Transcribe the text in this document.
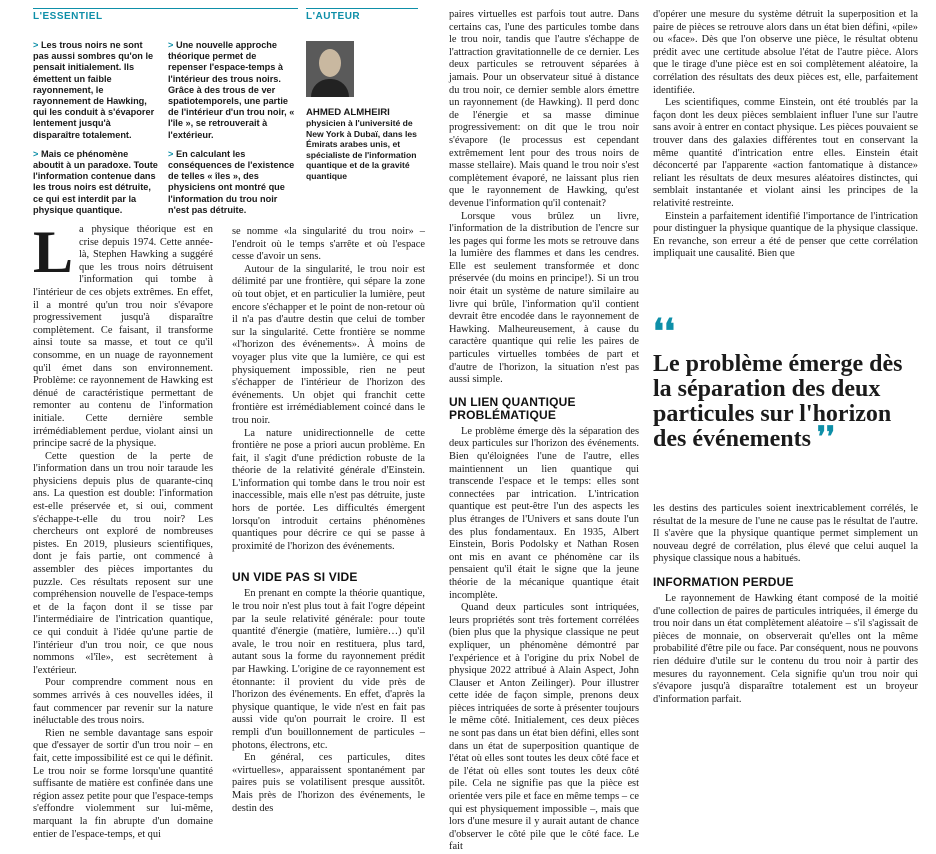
L'ESSENTIEL
> Les trous noirs ne sont pas aussi sombres qu'on le pensait initialement. Ils émettent un faible rayonnement, le rayonnement de Hawking, qui les conduit à s'évaporer lentement jusqu'à disparaître totalement.
> Mais ce phénomène aboutit à un paradoxe. Toute l'information contenue dans les trous noirs est détruite, ce qui est interdit par la physique quantique.
> Une nouvelle approche théorique permet de repenser l'espace-temps à l'intérieur des trous noirs. Grâce à des trous de ver spatiotemporels, une partie de l'intérieur d'un trou noir, « l'île », se retrouverait à l'extérieur.
> En calculant les conséquences de l'existence de telles « îles », des physiciens ont montré que l'information du trou noir n'est pas détruite.
L'AUTEUR
AHMED ALMHEIRI
physicien à l'université de New York à Dubaï, dans les Émirats arabes unis, et spécialiste de l'information quantique et de la gravité quantique

La physique théorique est en crise depuis 1974. Cette année-là, Stephen Hawking a suggéré que les trous noirs détruisent l'information qui tombe à l'intérieur de ces objets extrêmes. En effet, il a montré qu'un trou noir s'évapore progressivement jusqu'à disparaître complètement. Ce faisant, il transforme ainsi toute sa masse, et tout ce qu'il consomme, en un nuage de rayonnement qu'il émet dans son environnement. Problème: ce rayonnement de Hawking est dénué de caractéristique permettant de remonter au contenu de l'information initiale. Cette dernière semble irrémédiablement perdue, violant ainsi un principe sacré de la physique.

Cette question de la perte de l'information dans un trou noir taraude les physiciens depuis plus de quarante-cinq ans. La question est double: l'information est-elle préservée et, si oui, comment s'échappe-t-elle du trou noir? Les chercheurs ont exploré de nombreuses pistes. En 2019, plusieurs scientifiques, dont je fais partie, ont commencé à assembler des pièces importantes du puzzle. Ces résultats reposent sur une compréhension nouvelle de l'espace-temps et de la façon dont il se tisse par l'intermédiaire de l'intrication quantique, ce qui conduit à l'idée qu'une partie de l'intérieur d'un trou noir, ce que nous nommons «l'île», est secrètement à l'extérieur.

Pour comprendre comment nous en sommes arrivés à ces nouvelles idées, il faut commencer par revenir sur la nature inéluctable des trous noirs.

Rien ne semble davantage sans espoir que d'essayer de sortir d'un trou noir – en fait, cette impossibilité est ce qui le définit. Le trou noir se forme lorsqu'une quantité suffisante de matière est confinée dans une région assez petite pour que l'espace-temps s'effondre violemment sur lui-même, marquant la fin abrupte d'un domaine entier de l'espace-temps, et qui

se nomme «la singularité du trou noir» – l'endroit où le temps s'arrête et où l'espace cesse d'avoir un sens.

Autour de la singularité, le trou noir est délimité par une frontière, qui sépare la zone où tout objet, et en particulier la lumière, peut encore s'échapper et le point de non-retour où il n'a pas d'autre destin que celui de tomber sur la singularité. Cette frontière se nomme «l'horizon des événements». À moins de voyager plus vite que la lumière, ce qui est physiquement impossible, rien ne peut s'échapper de l'intérieur de l'horizon des événements. Un objet qui franchit cette frontière est irrémédiablement coincé dans le trou noir.

La nature unidirectionnelle de cette frontière ne pose a priori aucun problème. En fait, il s'agit d'une prédiction robuste de la théorie de la relativité générale d'Einstein. L'information qui tombe dans le trou noir est inaccessible, mais elle n'est pas détruite, juste hors de portée. Les difficultés émergent lorsqu'on introduit certains phénomènes quantiques pour décrire ce qui se passe à proximité de l'horizon des événements.

UN VIDE PAS SI VIDE

En prenant en compte la théorie quantique, le trou noir n'est plus tout à fait l'ogre dépeint par la seule relativité générale: pour toute quantité d'énergie (matière, lumière…) qu'il avale, le trou noir en restituera, plus tard, autant sous la forme du rayonnement prédit par Hawking. L'origine de ce rayonnement est étonnante: il provient du vide près de l'horizon des événements. En effet, d'après la physique quantique, le vide n'est en fait pas aussi vide qu'on pourrait le croire. Il est rempli d'un bouillonnement de particules – photons, électrons, etc.

En général, ces particules, dites «virtuelles», apparaissent spontanément par paires puis se volatilisent presque aussitôt. Mais près de l'horizon des événements, le destin des

paires virtuelles est parfois tout autre. Dans certains cas, l'une des particules tombe dans le trou noir, tandis que l'autre s'échappe de l'attraction gravitationnelle de ce dernier. Les deux particules se retrouvent séparées à jamais. Pour un observateur situé à distance du trou noir, ce dernier semble alors émettre un rayonnement (de Hawking). Il perd donc de l'énergie et sa masse diminue progressivement: on dit que le trou noir s'évapore (le processus est cependant extrêmement lent pour des trous noirs de masse stellaire). Mais quand le trou noir s'est complètement évaporé, ne laissant plus rien que le rayonnement de Hawking, qu'est devenue l'information qu'il contenait?

Lorsque vous brûlez un livre, l'information de la distribution de l'encre sur les pages qui forme les mots se retrouve dans la lumière des flammes et dans les cendres. Elle est seulement transformée et donc préservée (du moins en principe!). Si un trou noir était un système de nature similaire au livre qui brûle, l'information qu'il contient devrait être encodée dans le rayonnement de Hawking. Malheureusement, à cause du caractère quantique qui relie les paires de particules virtuelles tombées de part et d'autre de l'horizon, la situation n'est pas aussi simple.

UN LIEN QUANTIQUE PROBLÉMATIQUE

Le problème émerge dès la séparation des deux particules sur l'horizon des événements. Bien qu'éloignées l'une de l'autre, elles maintiennent un lien quantique qui transcende l'espace et le temps: elles sont connectées par intrication. L'intrication quantique est peut-être l'un des aspects les plus étranges de l'Univers et sans doute l'un des plus fondamentaux. En 1935, Albert Einstein, Boris Podolsky et Nathan Rosen ont mis en avant ce phénomène car ils pensaient qu'il était le signe que la jeune théorie de la mécanique quantique était incomplète.

Quand deux particules sont intriquées, leurs propriétés sont très fortement corrélées (bien plus que la physique classique ne peut expliquer, un phénomène démontré par l'expérience et à l'origine du prix Nobel de physique 2022 attribué à Alain Aspect, John Clauser et Anton Zeilinger). Pour illustrer cette idée de façon simple, prenons deux pièces intriquées de sorte à présenter toujours le même côté. Initialement, ces deux pièces ne sont pas dans un état bien défini, elles sont dans un état de superposition quantique de l'état où elles sont toutes les deux côté face et de l'état où elles sont toutes les deux côté pile. Cela ne signifie pas que la pièce est orientée vers pile et face en même temps – ce qui est physiquement impossible –, mais que lors d'une mesure il y aurait autant de chance d'observer le côté pile que le côté face. Le fait

d'opérer une mesure du système détruit la superposition et la paire de pièces se retrouve alors dans un état bien défini, «pile» ou «face». Dès que l'on observe une pièce, le résultat obtenu prédit avec une certitude absolue l'état de l'autre pièce. Alors que le tirage d'une pièce est en soi complètement aléatoire, la corrélation des résultats des deux pièces est, elle, parfaitement identifiée.

Les scientifiques, comme Einstein, ont été troublés par la façon dont les deux pièces semblaient influer l'une sur l'autre sans avoir à entrer en contact physique. Les pièces pouvaient se trouver dans des galaxies différentes tout en conservant la même quantité d'intrication entre elles. Einstein était déconcerté par l'apparente «action fantomatique à distance» reliant les résultats de deux mesures aléatoires distinctes, qui semblait instantanée et violant ainsi les principes de la relativité restreinte.

Einstein a parfaitement identifié l'importance de l'intrication pour distinguer la physique quantique de la physique classique. En revanche, son erreur a été de penser que cette corrélation impliquait une causalité. Bien que

❛❛
Le problème émerge dès la séparation des deux particules sur l'horizon des événements ❜❜

les destins des particules soient inextricablement corrélés, le résultat de la mesure de l'une ne cause pas le résultat de l'autre. Il s'avère que la physique quantique permet simplement un nouveau degré de corrélation, plus élevé que celui auquel la physique classique nous a habitués.

INFORMATION PERDUE

Le rayonnement de Hawking étant composé de la moitié d'une collection de paires de particules intriquées, il émerge du trou noir dans un état complètement aléatoire – s'il s'agissait de pièces de monnaie, on observerait qu'elles ont la même probabilité d'être pile ou face. Par conséquent, nous ne pouvons rien déduire d'utile sur le contenu du trou noir à partir des mesures du rayonnement. Cela signifie qu'un trou noir qui s'évapore jusqu'à disparaître totalement est un broyeur d'information parfait.
